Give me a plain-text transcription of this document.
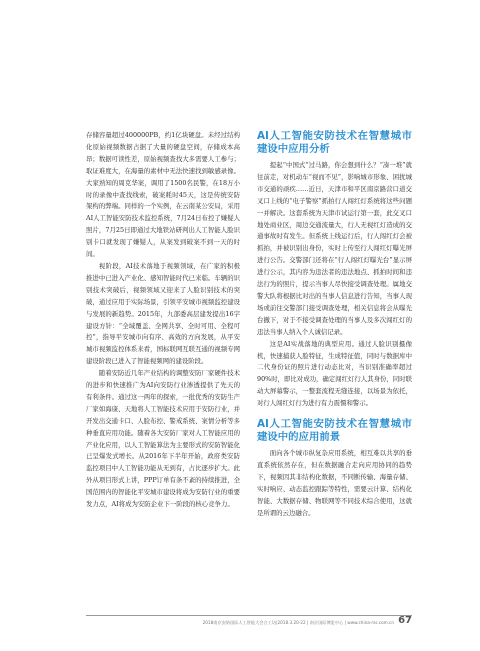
存储容量超过400000PB，约1亿块硬盘。未经过结构化原始视频数据占据了大量的硬盘空间，存储成本高昂；数据可读性差，原始视频查找大多需要人工参与；取证难度大，在海量的素材中无法快速找到敏感录像。大家熟知的周克华案，调用了1500名民警，在18万小时的录像中查找线索，破案耗时45天，这是传统安防架构的弊端。同样的一个实例，在云南某公安局，采用AI人工智能安防技术监控系统，7月24日布控了嫌疑人照片，7月25日即通过大地铁站研判出人工智能人脸识别卡口就发现了嫌疑人，从案发到破案不到一天的时间。

视阶段，AI技术落地于视频领域，在广家的积极推进中已进入产业化、感知智能时代已来临。车辆的识别技术突破后，视频领域又迎来了人脸识别技术的突破，通过应用于实际场景，引领平安城市视频监控建设与发展的新趋势。2015年，九部委高层建发提出16字建设方针：“全域覆盖、全网共享、全时可用、全程可控”，指导平安城市向有序、高效的方向发展，从平安城市视频监控体系来看，国标联网互联互通的视频专网建设阶段已进入了智能视频网的建设阶段。

随着安防近几年产业结构的调整安防厂家硬件技术的进步和快速推广为AI向安防行业渗透提供了先天的有利条件。通过这一两年的探索，一批优秀的安防生产厂家如海康、天地将人工智能技术应用于安防行业，并开发出交通卡口、人脸布控、警戒系统、案情分析等多种垂直应用功能。随着各大安防厂家对人工智能应用的产业化应用，以人工智能算法为主要形式的安防智能化已呈爆发式增长。从2016年下半年开始，政府类安防监控项目中人工智能功能从无到有，占比逐步扩大。此外从项目形式上讲，PPP订单有条不紊的持续推进，全国范围内的智能化平安城市建设将成为安防行业的重要发力点，AI将成为安防企业下一阶段的核心竞争力。

AI人工智能安防技术在智慧城市建设中应用分析

提起“中国式”过马路，你会想到什么？“凑一堆”就往前走，对机动车“视而不见”，影响城市形象、困扰城市交通的顽疾……近日，天津市和平区南京路营口道交叉口上线的“电子警察”抓拍行人闯红灯系统将这些问题一并解决。这套系统为天津市试运行第一套，此交叉口地处商业区，周边交通流量大，行人无视红灯造成的交通事故时有发生。但系统上线运行后，行人闯红灯会被抓拍，并被识别出身份，实时上传至行人闯红灯曝光屏进行公告。交警部门还将在“行人闯红灯曝光台”显示屏进行公示，其内容为违法者的违法地点、抓拍时间和违法行为的照片，提示当事人尽快接受调查处理。属地交警大队将根据比对出的当事人信息进行告知，当事人现场或前往交警部门接受调查处理，相关信息将会从曝光台撤下，对于不接受调查处理的当事人及多次闯红灯的违法当事人纳入个人诚信记录。

这是AI实战落地的典型应用。通过人脸识别摄像机，快速捕获人脸特征，生成特征值，同时与数据库中二代身份证的照片进行动态比对，当识别准确率超过90%时，即比对成功，确定闯红灯行人其身份，同时联动大屏幕警示，一整套流程无缝连接，以场景为依托，对行人闯红灯行为进行有力震慑和警示。

AI人工智能安防技术在智慧城市建设中的应用前景

面向各个城市纵复杂应用系统，相互难以共享的垂直系统依然存在，但在数据融合走向应用协同的趋势下，视频因其非结构化数据，不同断传输、海量存储、实时响应、动态监控跟踪等特性，需要云计算、结构化智能、大数据存储、物联网等不同技术综合使用，这就是所谓的云边融合。

2018南京安防国际人工智能大会合工坊|2018.3.20-22 | 南京国际博览中心 | www.china-rss.com.cn 67
